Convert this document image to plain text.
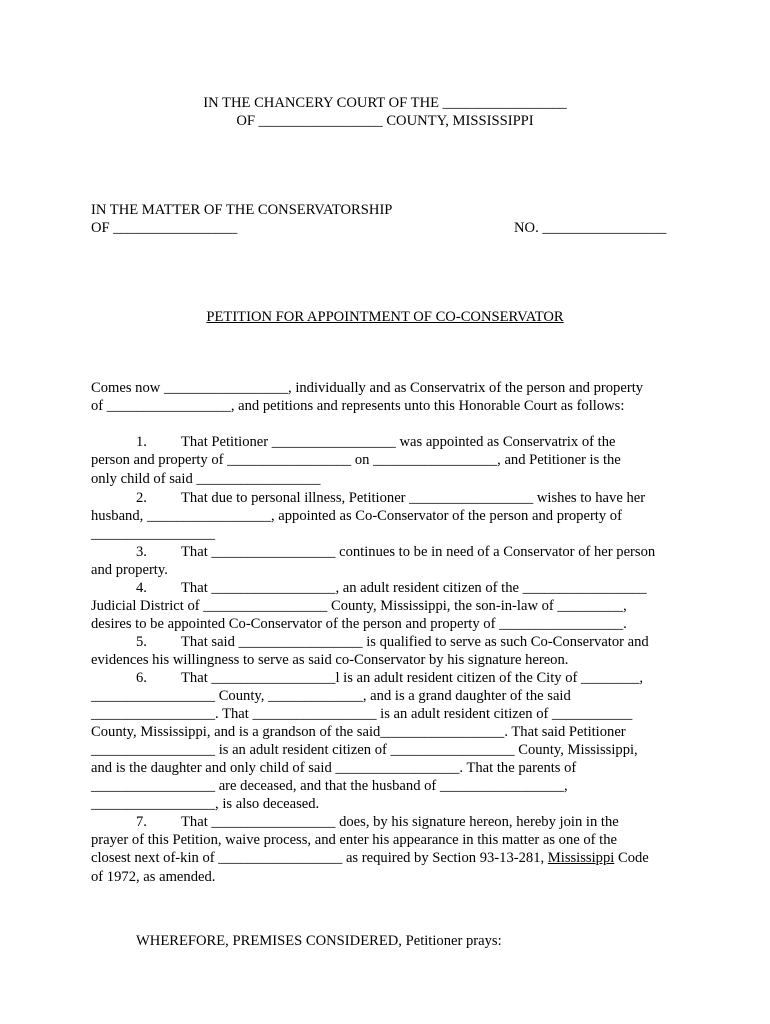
IN THE CHANCERY COURT OF THE _________________
OF _________________ COUNTY, MISSISSIPPI
IN THE MATTER OF THE CONSERVATORSHIP
OF _________________	NO. _________________
PETITION FOR APPOINTMENT OF CO-CONSERVATOR
Comes now _________________, individually and as Conservatrix of the person and property
of _________________, and petitions and represents unto this Honorable Court as follows:
1. That Petitioner _________________ was appointed as Conservatrix of the
person and property of _________________ on _________________, and Petitioner is the
only child of said _________________
2. That due to personal illness, Petitioner _________________ wishes to have her
husband, _________________, appointed as Co-Conservator of the person and property of
_________________
3. That _________________ continues to be in need of a Conservator of her person
and property.
4. That _________________, an adult resident citizen of the _________________
Judicial District of _________________ County, Mississippi, the son-in-law of _________,
desires to be appointed Co-Conservator of the person and property of _________________.
5. That said _________________ is qualified to serve as such Co-Conservator and
evidences his willingness to serve as said co-Conservator by his signature hereon.
6. That _________________l is an adult resident citizen of the City of ________,
_________________ County, _____________, and is a grand daughter of the said
_________________. That _________________ is an adult resident citizen of ___________
County, Mississippi, and is a grandson of the said_________________. That said Petitioner
_________________ is an adult resident citizen of _________________ County, Mississippi,
and is the daughter and only child of said _________________. That the parents of
_________________ are deceased, and that the husband of _________________,
_________________, is also deceased.
7. That _________________ does, by his signature hereon, hereby join in the
prayer of this Petition, waive process, and enter his appearance in this matter as one of the
closest next of-kin of _________________ as required by Section 93-13-281, Mississippi Code
of 1972, as amended.
WHEREFORE, PREMISES CONSIDERED, Petitioner prays:
